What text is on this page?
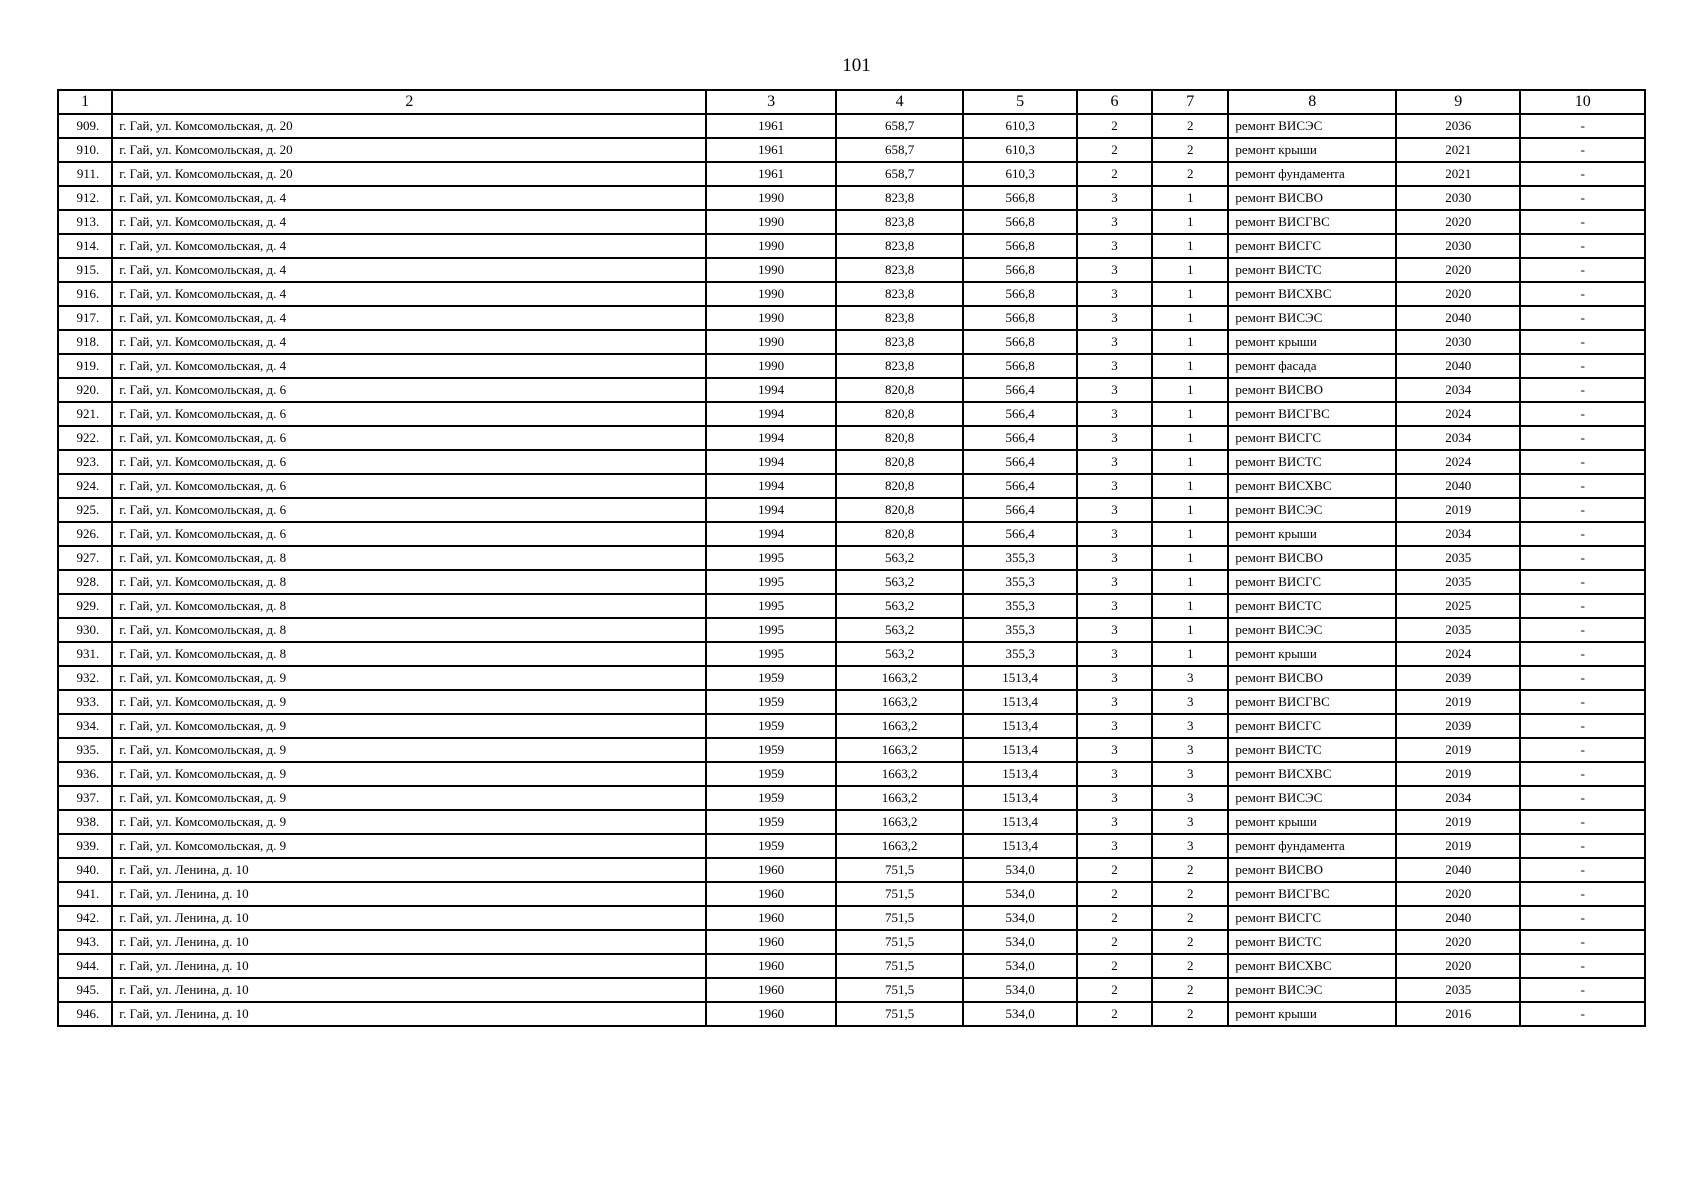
101
1	2	3	4	5	6	7	8	9	10
909.	г. Гай, ул. Комсомольская, д. 20	1961	658,7	610,3	2	2	ремонт ВИСЭС	2036	-
910.	г. Гай, ул. Комсомольская, д. 20	1961	658,7	610,3	2	2	ремонт крыши	2021	-
911.	г. Гай, ул. Комсомольская, д. 20	1961	658,7	610,3	2	2	ремонт фундамента	2021	-
912.	г. Гай, ул. Комсомольская, д. 4	1990	823,8	566,8	3	1	ремонт ВИСВО	2030	-
913.	г. Гай, ул. Комсомольская, д. 4	1990	823,8	566,8	3	1	ремонт ВИСГВС	2020	-
914.	г. Гай, ул. Комсомольская, д. 4	1990	823,8	566,8	3	1	ремонт ВИСГС	2030	-
915.	г. Гай, ул. Комсомольская, д. 4	1990	823,8	566,8	3	1	ремонт ВИСТС	2020	-
916.	г. Гай, ул. Комсомольская, д. 4	1990	823,8	566,8	3	1	ремонт ВИСХВС	2020	-
917.	г. Гай, ул. Комсомольская, д. 4	1990	823,8	566,8	3	1	ремонт ВИСЭС	2040	-
918.	г. Гай, ул. Комсомольская, д. 4	1990	823,8	566,8	3	1	ремонт крыши	2030	-
919.	г. Гай, ул. Комсомольская, д. 4	1990	823,8	566,8	3	1	ремонт фасада	2040	-
920.	г. Гай, ул. Комсомольская, д. 6	1994	820,8	566,4	3	1	ремонт ВИСВО	2034	-
921.	г. Гай, ул. Комсомольская, д. 6	1994	820,8	566,4	3	1	ремонт ВИСГВС	2024	-
922.	г. Гай, ул. Комсомольская, д. 6	1994	820,8	566,4	3	1	ремонт ВИСГС	2034	-
923.	г. Гай, ул. Комсомольская, д. 6	1994	820,8	566,4	3	1	ремонт ВИСТС	2024	-
924.	г. Гай, ул. Комсомольская, д. 6	1994	820,8	566,4	3	1	ремонт ВИСХВС	2040	-
925.	г. Гай, ул. Комсомольская, д. 6	1994	820,8	566,4	3	1	ремонт ВИСЭС	2019	-
926.	г. Гай, ул. Комсомольская, д. 6	1994	820,8	566,4	3	1	ремонт крыши	2034	-
927.	г. Гай, ул. Комсомольская, д. 8	1995	563,2	355,3	3	1	ремонт ВИСВО	2035	-
928.	г. Гай, ул. Комсомольская, д. 8	1995	563,2	355,3	3	1	ремонт ВИСГС	2035	-
929.	г. Гай, ул. Комсомольская, д. 8	1995	563,2	355,3	3	1	ремонт ВИСТС	2025	-
930.	г. Гай, ул. Комсомольская, д. 8	1995	563,2	355,3	3	1	ремонт ВИСЭС	2035	-
931.	г. Гай, ул. Комсомольская, д. 8	1995	563,2	355,3	3	1	ремонт крыши	2024	-
932.	г. Гай, ул. Комсомольская, д. 9	1959	1663,2	1513,4	3	3	ремонт ВИСВО	2039	-
933.	г. Гай, ул. Комсомольская, д. 9	1959	1663,2	1513,4	3	3	ремонт ВИСГВС	2019	-
934.	г. Гай, ул. Комсомольская, д. 9	1959	1663,2	1513,4	3	3	ремонт ВИСГС	2039	-
935.	г. Гай, ул. Комсомольская, д. 9	1959	1663,2	1513,4	3	3	ремонт ВИСТС	2019	-
936.	г. Гай, ул. Комсомольская, д. 9	1959	1663,2	1513,4	3	3	ремонт ВИСХВС	2019	-
937.	г. Гай, ул. Комсомольская, д. 9	1959	1663,2	1513,4	3	3	ремонт ВИСЭС	2034	-
938.	г. Гай, ул. Комсомольская, д. 9	1959	1663,2	1513,4	3	3	ремонт крыши	2019	-
939.	г. Гай, ул. Комсомольская, д. 9	1959	1663,2	1513,4	3	3	ремонт фундамента	2019	-
940.	г. Гай, ул. Ленина, д. 10	1960	751,5	534,0	2	2	ремонт ВИСВО	2040	-
941.	г. Гай, ул. Ленина, д. 10	1960	751,5	534,0	2	2	ремонт ВИСГВС	2020	-
942.	г. Гай, ул. Ленина, д. 10	1960	751,5	534,0	2	2	ремонт ВИСГС	2040	-
943.	г. Гай, ул. Ленина, д. 10	1960	751,5	534,0	2	2	ремонт ВИСТС	2020	-
944.	г. Гай, ул. Ленина, д. 10	1960	751,5	534,0	2	2	ремонт ВИСХВС	2020	-
945.	г. Гай, ул. Ленина, д. 10	1960	751,5	534,0	2	2	ремонт ВИСЭС	2035	-
946.	г. Гай, ул. Ленина, д. 10	1960	751,5	534,0	2	2	ремонт крыши	2016	-
